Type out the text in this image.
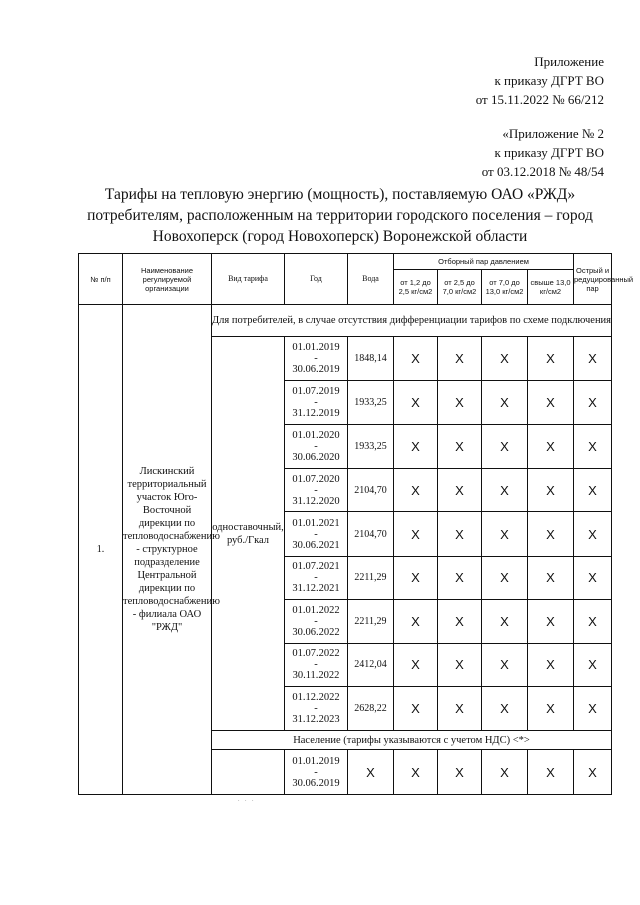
Приложение
к приказу ДГРТ ВО
от 15.11.2022 № 66/212
«Приложение № 2
к приказу ДГРТ ВО
от 03.12.2018 № 48/54
Тарифы на тепловую энергию (мощность), поставляемую ОАО «РЖД» потребителям, расположенным на территории городского поселения – город Новохоперск (город Новохоперск) Воронежской области
№ п/п	Наименование регулируемой организации	Вид тарифа	Год	Вода	Отборный пар давлением				Острый и редуцированный пар
					от 1,2 до 2,5 кг/см2	от 2,5 до 7,0 кг/см2	от 7,0 до 13,0 кг/см2	свыше 13,0 кг/см2	
1.	Лискинский территориальный участок Юго-Восточной дирекции по тепловодоснабжению - структурное подразделение Центральной дирекции по тепловодоснабжению - филиала ОАО "РЖД"	Для потребителей, в случае отсутствия дифференциации тарифов по схеме подключения							
		одноставочный, руб./Гкал	01.01.2019
-
30.06.2019	1848,14	X	X	X	X	X

			01.07.2019
-
31.12.2019	1933,25	X	X	X	X	X

			01.01.2020
-
30.06.2020	1933,25	X	X	X	X	X

			01.07.2020
-
31.12.2020	2104,70	X	X	X	X	X

			01.01.2021
-
30.06.2021	2104,70	X	X	X	X	X

			01.07.2021
-
31.12.2021	2211,29	X	X	X	X	X

			01.01.2022
-
30.06.2022	2211,29	X	X	X	X	X

			01.07.2022
-
30.11.2022	2412,04	X	X	X	X	X

			01.12.2022
-
31.12.2023	2628,22	X	X	X	X	X
		Население (тарифы указываются с учетом НДС) <*>							

			01.01.2019
-
30.06.2019	X	X	X	X	X	X
. . .
